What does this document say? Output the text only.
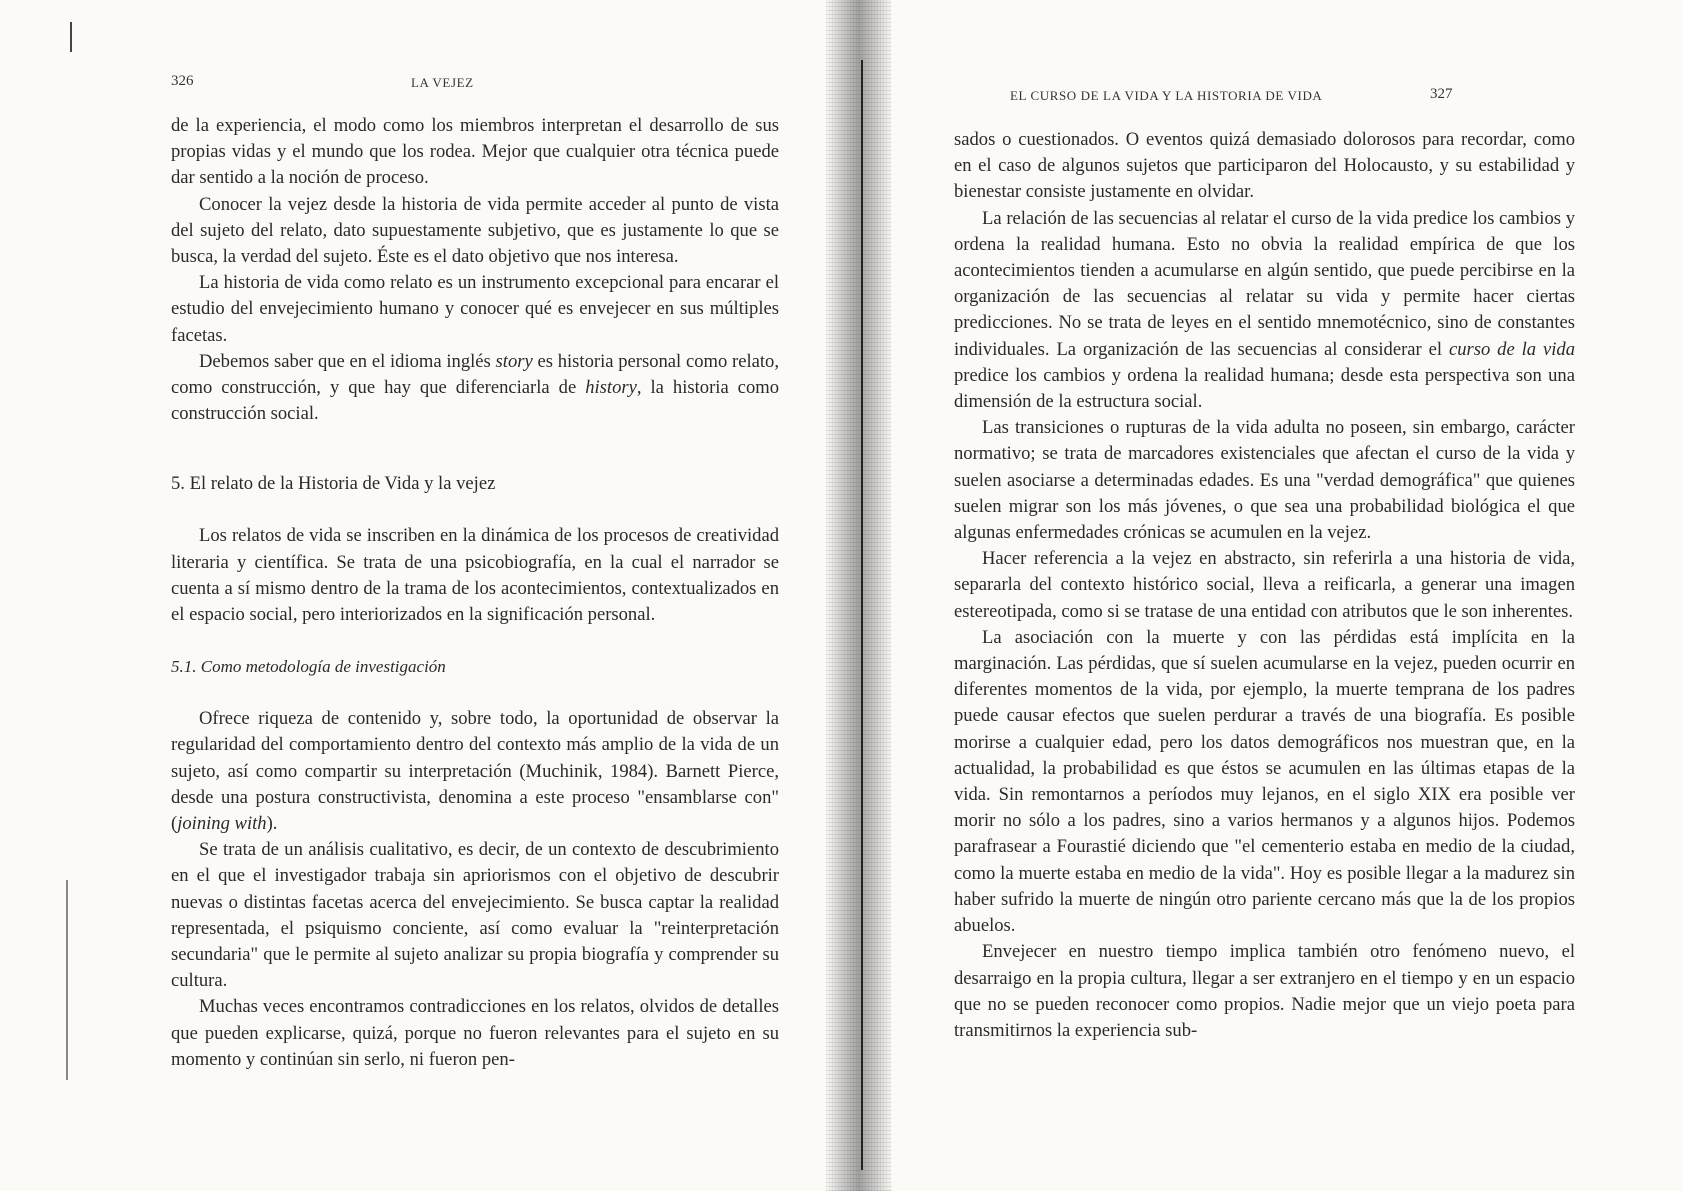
326	LA VEJEZ

de la experiencia, el modo como los miembros interpretan el desarrollo de sus propias vidas y el mundo que los rodea. Mejor que cualquier otra técnica puede dar sentido a la noción de proceso.

Conocer la vejez desde la historia de vida permite acceder al punto de vista del sujeto del relato, dato supuestamente subjetivo, que es justamente lo que se busca, la verdad del sujeto. Éste es el dato objetivo que nos interesa.

La historia de vida como relato es un instrumento excepcional para encarar el estudio del envejecimiento humano y conocer qué es envejecer en sus múltiples facetas.

Debemos saber que en el idioma inglés story es historia personal como relato, como construcción, y que hay que diferenciarla de history, la historia como construcción social.

5. El relato de la Historia de Vida y la vejez

Los relatos de vida se inscriben en la dinámica de los procesos de creatividad literaria y científica. Se trata de una psicobiografía, en la cual el narrador se cuenta a sí mismo dentro de la trama de los acontecimientos, contextualizados en el espacio social, pero interiorizados en la significación personal.

5.1. Como metodología de investigación

Ofrece riqueza de contenido y, sobre todo, la oportunidad de observar la regularidad del comportamiento dentro del contexto más amplio de la vida de un sujeto, así como compartir su interpretación (Muchinik, 1984). Barnett Pierce, desde una postura constructivista, denomina a este proceso "ensamblarse con" (joining with).

Se trata de un análisis cualitativo, es decir, de un contexto de descubrimiento en el que el investigador trabaja sin apriorismos con el objetivo de descubrir nuevas o distintas facetas acerca del envejecimiento. Se busca captar la realidad representada, el psiquismo conciente, así como evaluar la "reinterpretación secundaria" que le permite al sujeto analizar su propia biografía y comprender su cultura.

Muchas veces encontramos contradicciones en los relatos, olvidos de detalles que pueden explicarse, quizá, porque no fueron relevantes para el sujeto en su momento y continúan sin serlo, ni fueron pen-

EL CURSO DE LA VIDA Y LA HISTORIA DE VIDA	327

sados o cuestionados. O eventos quizá demasiado dolorosos para recordar, como en el caso de algunos sujetos que participaron del Holocausto, y su estabilidad y bienestar consiste justamente en olvidar.

La relación de las secuencias al relatar el curso de la vida predice los cambios y ordena la realidad humana. Esto no obvia la realidad empírica de que los acontecimientos tienden a acumularse en algún sentido, que puede percibirse en la organización de las secuencias al relatar su vida y permite hacer ciertas predicciones. No se trata de leyes en el sentido mnemotécnico, sino de constantes individuales. La organización de las secuencias al considerar el curso de la vida predice los cambios y ordena la realidad humana; desde esta perspectiva son una dimensión de la estructura social.

Las transiciones o rupturas de la vida adulta no poseen, sin embargo, carácter normativo; se trata de marcadores existenciales que afectan el curso de la vida y suelen asociarse a determinadas edades. Es una "verdad demográfica" que quienes suelen migrar son los más jóvenes, o que sea una probabilidad biológica el que algunas enfermedades crónicas se acumulen en la vejez.

Hacer referencia a la vejez en abstracto, sin referirla a una historia de vida, separarla del contexto histórico social, lleva a reificarla, a generar una imagen estereotipada, como si se tratase de una entidad con atributos que le son inherentes.

La asociación con la muerte y con las pérdidas está implícita en la marginación. Las pérdidas, que sí suelen acumularse en la vejez, pueden ocurrir en diferentes momentos de la vida, por ejemplo, la muerte temprana de los padres puede causar efectos que suelen perdurar a través de una biografía. Es posible morirse a cualquier edad, pero los datos demográficos nos muestran que, en la actualidad, la probabilidad es que éstos se acumulen en las últimas etapas de la vida. Sin remontarnos a períodos muy lejanos, en el siglo XIX era posible ver morir no sólo a los padres, sino a varios hermanos y a algunos hijos. Podemos parafrasear a Fourastié diciendo que "el cementerio estaba en medio de la ciudad, como la muerte estaba en medio de la vida". Hoy es posible llegar a la madurez sin haber sufrido la muerte de ningún otro pariente cercano más que la de los propios abuelos.

Envejecer en nuestro tiempo implica también otro fenómeno nuevo, el desarraigo en la propia cultura, llegar a ser extranjero en el tiempo y en un espacio que no se pueden reconocer como propios. Nadie mejor que un viejo poeta para transmitirnos la experiencia sub-
